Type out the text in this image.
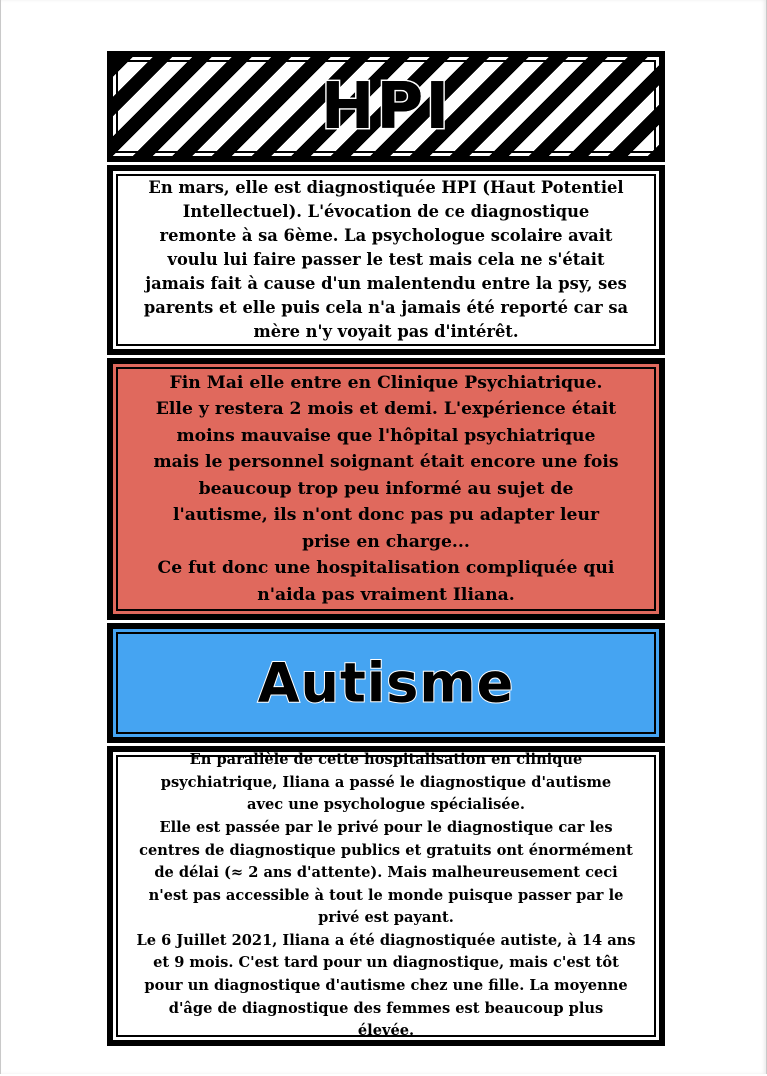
HPI

En mars, elle est diagnostiquée HPI (Haut Potentiel
Intellectuel). L'évocation de ce diagnostique
remonte à sa 6ème. La psychologue scolaire avait
voulu lui faire passer le test mais cela ne s'était
jamais fait à cause d'un malentendu entre la psy, ses
parents et elle puis cela n'a jamais été reporté car sa
mère n'y voyait pas d'intérêt.

Fin Mai elle entre en Clinique Psychiatrique.
Elle y restera 2 mois et demi. L'expérience était
moins mauvaise que l'hôpital psychiatrique
mais le personnel soignant était encore une fois
beaucoup trop peu informé au sujet de
l'autisme, ils n'ont donc pas pu adapter leur
prise en charge...
Ce fut donc une hospitalisation compliquée qui
n'aida pas vraiment Iliana.

Autisme

En parallèle de cette hospitalisation en clinique
psychiatrique, Iliana a passé le diagnostique d'autisme
avec une psychologue spécialisée.
Elle est passée par le privé pour le diagnostique car les
centres de diagnostique publics et gratuits ont énormément
de délai (≈ 2 ans d'attente). Mais malheureusement ceci
n'est pas accessible à tout le monde puisque passer par le
privé est payant.
Le 6 Juillet 2021, Iliana a été diagnostiquée autiste, à 14 ans
et 9 mois. C'est tard pour un diagnostique, mais c'est tôt
pour un diagnostique d'autisme chez une fille. La moyenne
d'âge de diagnostique des femmes est beaucoup plus
élevée.
